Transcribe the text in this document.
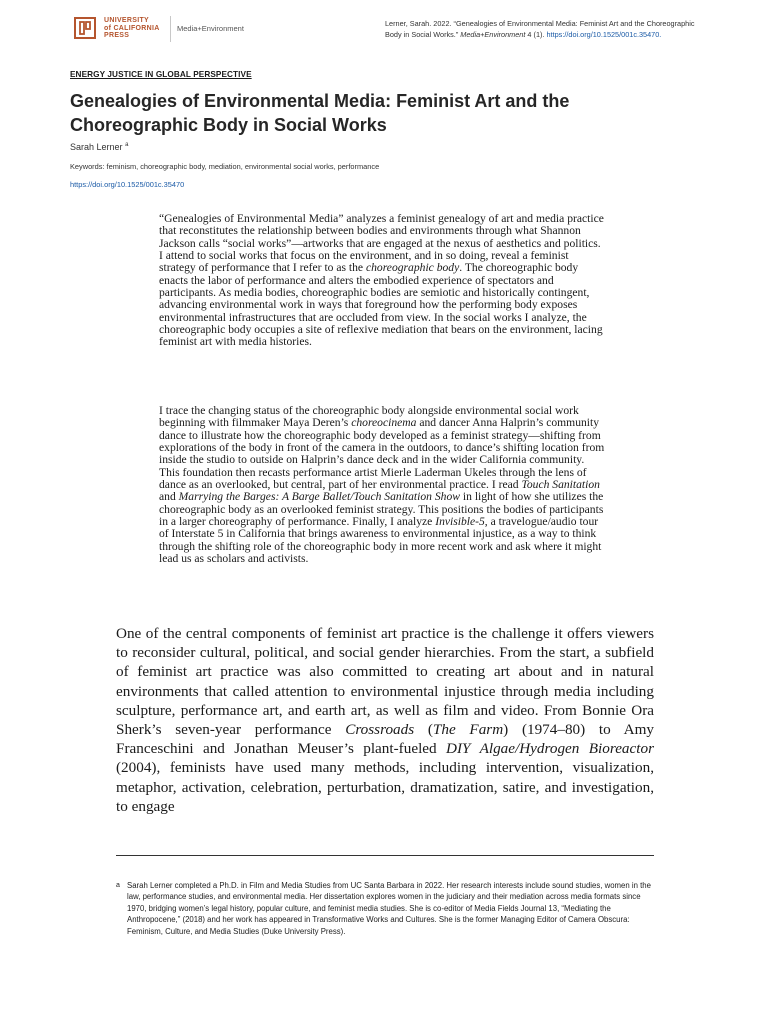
UNIVERSITY
of CALIFORNIA
PRESS
Media+Environment
Lerner, Sarah. 2022. “Genealogies of Environmental Media: Feminist Art and the Choreographic Body in Social Works.” Media+Environment 4 (1). https://doi.org/10.1525/001c.35470.
ENERGY JUSTICE IN GLOBAL PERSPECTIVE
Genealogies of Environmental Media: Feminist Art and the Choreographic Body in Social Works
Sarah Lerner $^a$
Keywords: feminism, choreographic body, mediation, environmental social works, performance
https://doi.org/10.1525/001c.35470
“Genealogies of Environmental Media” analyzes a feminist genealogy of art and media practice that reconstitutes the relationship between bodies and environments through what Shannon Jackson calls “social works”—artworks that are engaged at the nexus of aesthetics and politics. I attend to social works that focus on the environment, and in so doing, reveal a feminist strategy of performance that I refer to as the choreographic body. The choreographic body enacts the labor of performance and alters the embodied experience of spectators and participants. As media bodies, choreographic bodies are semiotic and historically contingent, advancing environmental work in ways that foreground how the performing body exposes environmental infrastructures that are occluded from view. In the social works I analyze, the choreographic body occupies a site of reflexive mediation that bears on the environment, lacing feminist art with media histories.
I trace the changing status of the choreographic body alongside environmental social work beginning with filmmaker Maya Deren’s choreocinema and dancer Anna Halprin’s community dance to illustrate how the choreographic body developed as a feminist strategy—shifting from explorations of the body in front of the camera in the outdoors, to dance’s shifting location from inside the studio to outside on Halprin’s dance deck and in the wider California community. This foundation then recasts performance artist Mierle Laderman Ukeles through the lens of dance as an overlooked, but central, part of her environmental practice. I read Touch Sanitation and Marrying the Barges: A Barge Ballet/Touch Sanitation Show in light of how she utilizes the choreographic body as an overlooked feminist strategy. This positions the bodies of participants in a larger choreography of performance. Finally, I analyze Invisible-5, a travelogue/audio tour of Interstate 5 in California that brings awareness to environmental injustice, as a way to think through the shifting role of the choreographic body in more recent work and ask where it might lead us as scholars and activists.
One of the central components of feminist art practice is the challenge it offers viewers to reconsider cultural, political, and social gender hierarchies. From the start, a subfield of feminist art practice was also committed to creating art about and in natural environments that called attention to environmental injustice through media including sculpture, performance art, and earth art, as well as film and video. From Bonnie Ora Sherk’s seven-year performance Crossroads (The Farm) (1974–80) to Amy Franceschini and Jonathan Meuser’s plant-fueled DIY Algae/Hydrogen Bioreactor (2004), feminists have used many methods, including intervention, visualization, metaphor, activation, celebration, perturbation, dramatization, satire, and investigation, to engage
a Sarah Lerner completed a Ph.D. in Film and Media Studies from UC Santa Barbara in 2022. Her research interests include sound studies, women in the law, performance studies, and environmental media. Her dissertation explores women in the judiciary and their mediation across media formats since 1970, bridging women’s legal history, popular culture, and feminist media studies. She is co-editor of Media Fields Journal 13, “Mediating the Anthropocene,” (2018) and her work has appeared in Transformative Works and Cultures. She is the former Managing Editor of Camera Obscura: Feminism, Culture, and Media Studies (Duke University Press).
